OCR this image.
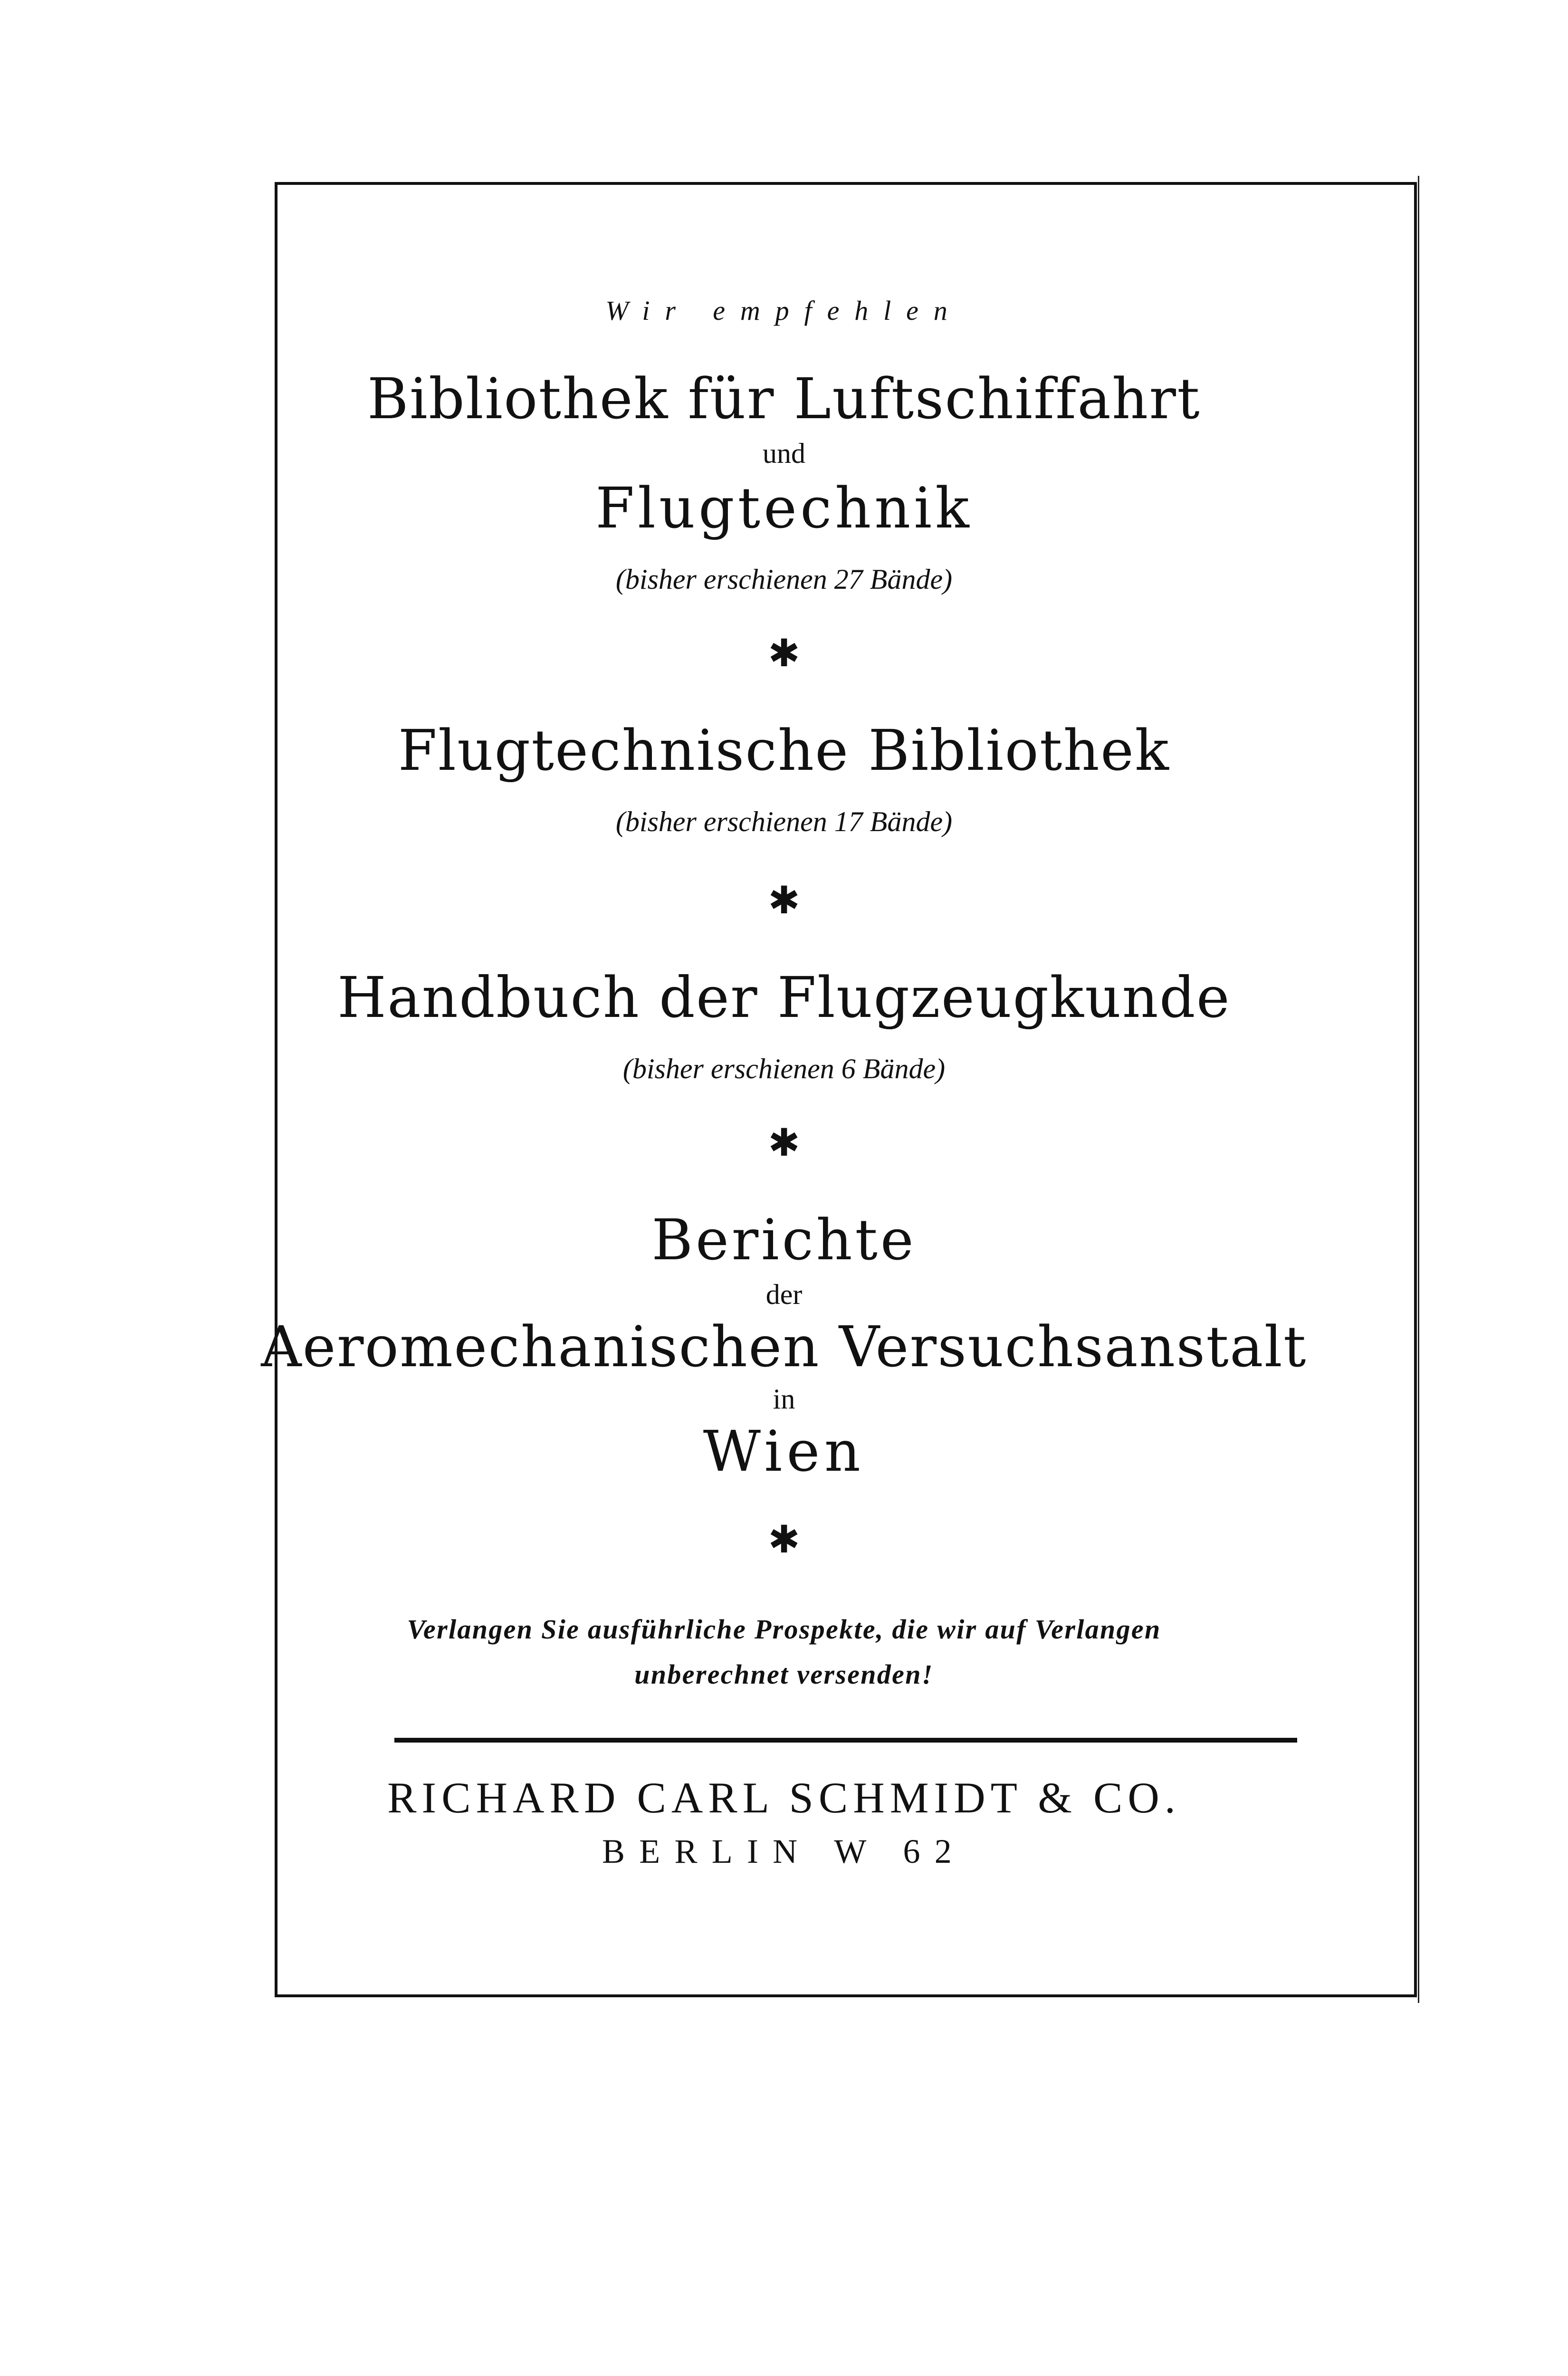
Wir empfehlen
Bibliothek für Luftschiffahrt
und
Flugtechnik
(bisher erschienen 27 Bände)
✱
Flugtechnische Bibliothek
(bisher erschienen 17 Bände)
✱
Handbuch der Flugzeugkunde
(bisher erschienen 6 Bände)
✱
Berichte
der
Aeromechanischen Versuchsanstalt
in
Wien
✱
Verlangen Sie ausführliche Prospekte, die wir auf Verlangen
unberechnet versenden!
RICHARD CARL SCHMIDT & CO.
BERLIN W 62
